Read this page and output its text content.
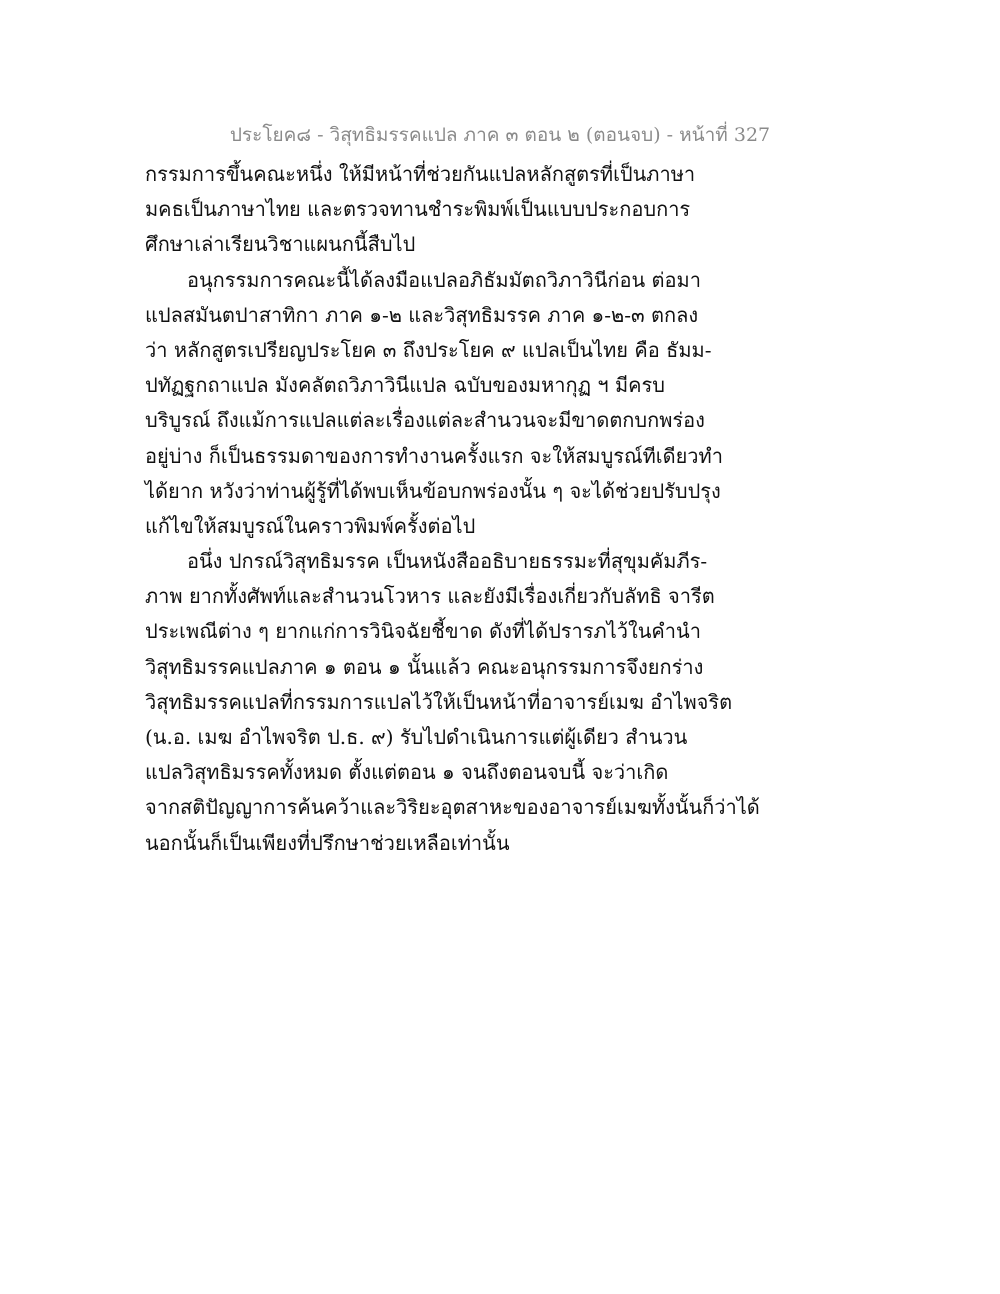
ประโยค๘ - วิสุทธิมรรคแปล ภาค ๓ ตอน ๒ (ตอนจบ) - หน้าที่ 327
กรรมการขึ้นคณะหนึ่ง ให้มีหน้าที่ช่วยกันแปลหลักสูตรที่เป็นภาษา
มคธเป็นภาษาไทย และตรวจทานชำระพิมพ์เป็นแบบประกอบการ
ศึกษาเล่าเรียนวิชาแผนกนี้สืบไป
อนุกรรมการคณะนี้ได้ลงมือแปลอภิธัมมัตถวิภาวินีก่อน ต่อมา
แปลสมันตปาสาทิกา ภาค ๑-๒ และวิสุทธิมรรค ภาค ๑-๒-๓ ตกลง
ว่า หลักสูตรเปรียญประโยค ๓ ถึงประโยค ๙ แปลเป็นไทย คือ ธัมม-
ปทัฏฐกถาแปล มังคลัตถวิภาวินีแปล ฉบับของมหากุฏ ฯ มีครบ
บริบูรณ์ ถึงแม้การแปลแต่ละเรื่องแต่ละสำนวนจะมีขาดตกบกพร่อง
อยู่บ่าง ก็เป็นธรรมดาของการทำงานครั้งแรก จะให้สมบูรณ์ทีเดียวทำ
ได้ยาก หวังว่าท่านผู้รู้ที่ได้พบเห็นข้อบกพร่องนั้น ๆ จะได้ช่วยปรับปรุง
แก้ไขให้สมบูรณ์ในคราวพิมพ์ครั้งต่อไป
อนึ่ง ปกรณ์วิสุทธิมรรค เป็นหนังสืออธิบายธรรมะที่สุขุมคัมภีร-
ภาพ ยากทั้งศัพท์และสำนวนโวหาร และยังมีเรื่องเกี่ยวกับลัทธิ จารีต
ประเพณีต่าง ๆ ยากแก่การวินิจฉัยชี้ขาด ดังที่ได้ปรารภไว้ในคำนำ
วิสุทธิมรรคแปลภาค ๑ ตอน ๑ นั้นแล้ว คณะอนุกรรมการจึงยกร่าง
วิสุทธิมรรคแปลที่กรรมการแปลไว้ให้เป็นหน้าที่อาจารย์เมฆ อำไพจริต
(น.อ. เมฆ อำไพจริต ป.ธ. ๙) รับไปดำเนินการแต่ผู้เดียว สำนวน
แปลวิสุทธิมรรคทั้งหมด ตั้งแต่ตอน ๑ จนถึงตอนจบนี้ จะว่าเกิด
จากสติปัญญาการค้นคว้าและวิริยะอุตสาหะของอาจารย์เมฆทั้งนั้นก็ว่าได้
นอกนั้นก็เป็นเพียงที่ปรึกษาช่วยเหลือเท่านั้น
